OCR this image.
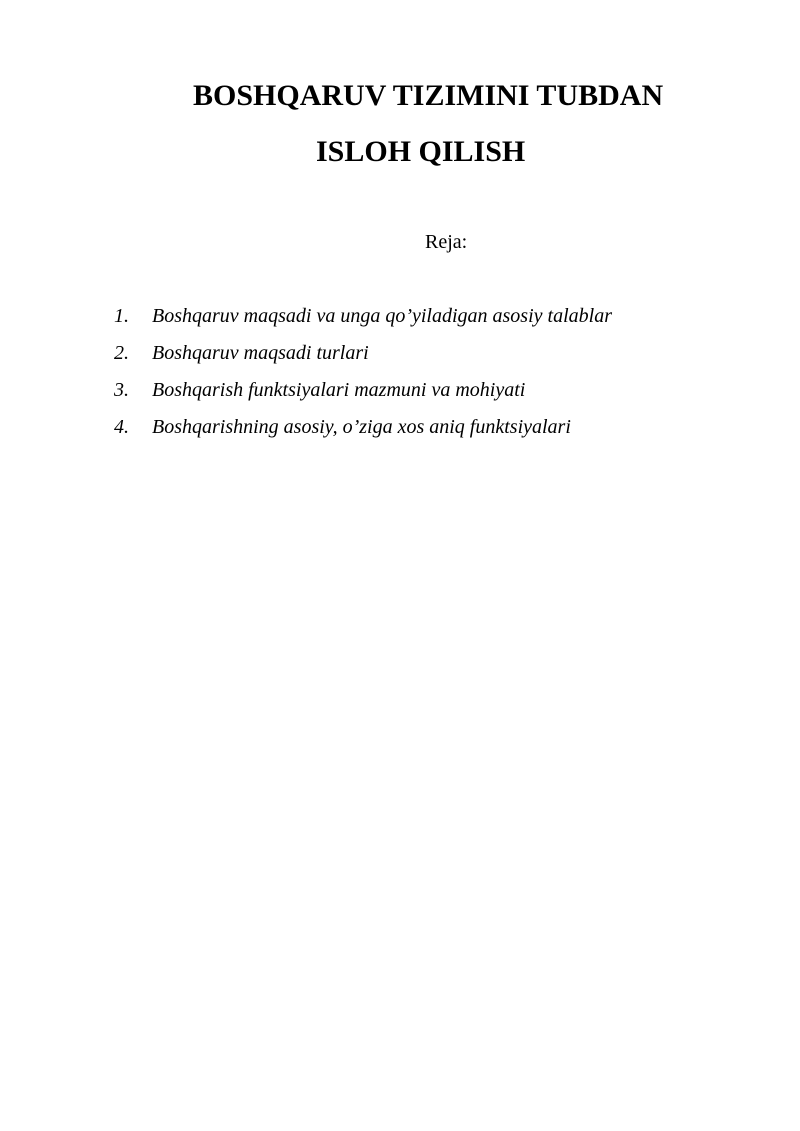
BOSHQARUV TIZIMINI TUBDAN
ISLOH QILISH
Reja:
1. Boshqaruv maqsadi va unga qo’yiladigan asosiy talablar
2. Boshqaruv maqsadi turlari
3. Boshqarish funktsiyalari mazmuni va mohiyati
4. Boshqarishning asosiy, o’ziga xos aniq funktsiyalari
